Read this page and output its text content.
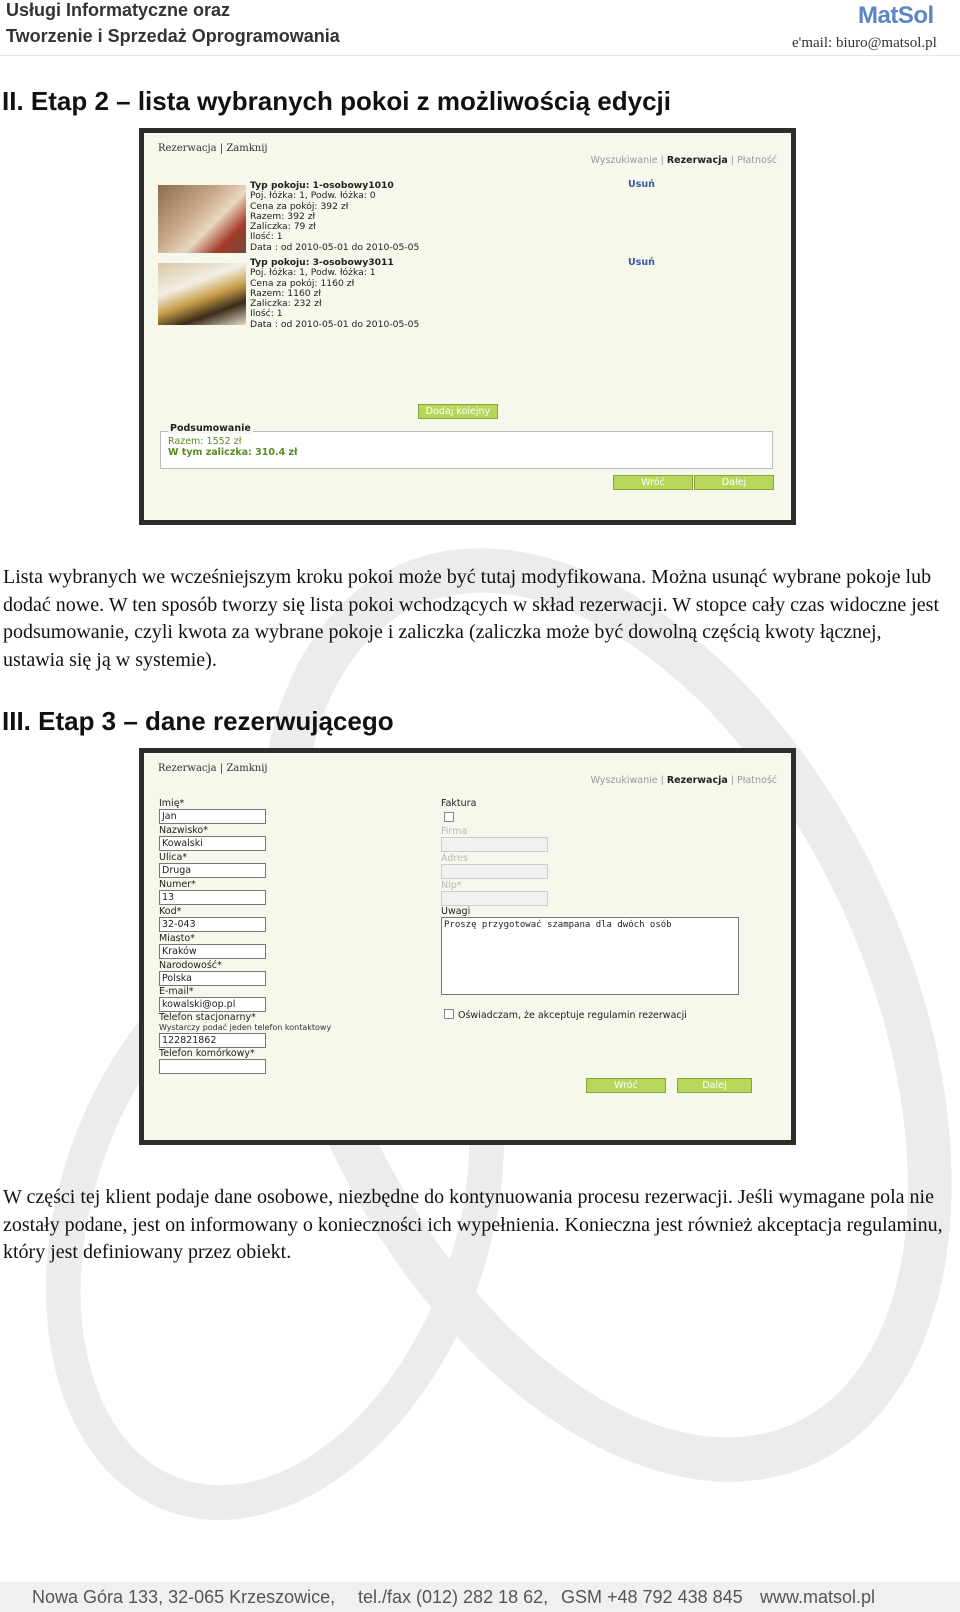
Usługi Informatyczne oraz
Tworzenie i Sprzedaż Oprogramowania
MatSol
e'mail: biuro@matsol.pl
II. Etap 2 – lista wybranych pokoi z możliwością edycji
Rezerwacja | Zamknij
Wyszukiwanie | Rezerwacja | Płatność
Typ pokoju: 1-osobowy1010
Poj. łóżka: 1, Podw. łóżka: 0
Cena za pokój: 392 zł
Razem: 392 zł
Zaliczka: 79 zł
Ilość: 1
Data : od 2010-05-01 do 2010-05-05
Usuń
Typ pokoju: 3-osobowy3011
Poj. łóżka: 1, Podw. łóżka: 1
Cena za pokój: 1160 zł
Razem: 1160 zł
Zaliczka: 232 zł
Ilość: 1
Data : od 2010-05-01 do 2010-05-05
Usuń
Dodaj kolejny
Podsumowanie
Razem: 1552 zł
W tym zaliczka: 310.4 zł
Wróć	Dalej
Lista wybranych we wcześniejszym kroku pokoi może być tutaj modyfikowana. Można usunąć wybrane pokoje lub dodać nowe. W ten sposób tworzy się lista pokoi wchodzących w skład rezerwacji. W stopce cały czas widoczne jest podsumowanie, czyli kwota za wybrane pokoje i zaliczka (zaliczka może być dowolną częścią kwoty łącznej, ustawia się ją w systemie).
III. Etap 3 – dane rezerwującego
Rezerwacja | Zamknij
Wyszukiwanie | Rezerwacja | Płatność
Imię*
Jan
Nazwisko*
Kowalski
Ulica*
Druga
Numer*
13
Kod*
32-043
Miasto*
Kraków
Narodowość*
Polska
E-mail*
kowalski@op.pl
Telefon stacjonarny*
Wystarczy podać jeden telefon kontaktowy
122821862
Telefon komórkowy*
Faktura
Firma
Adres
Nip*
Uwagi
Proszę przygotować szampana dla dwóch osób
Oświadczam, że akceptuje regulamin rezerwacji
Wróć	Dalej
W części tej klient podaje dane osobowe, niezbędne do kontynuowania procesu rezerwacji. Jeśli wymagane pola nie zostały podane, jest on informowany o konieczności ich wypełnienia. Konieczna jest również akceptacja regulaminu, który jest definiowany przez obiekt.
Nowa Góra 133, 32-065 Krzeszowice, tel./fax (012) 282 18 62, GSM +48 792 438 845 www.matsol.pl
